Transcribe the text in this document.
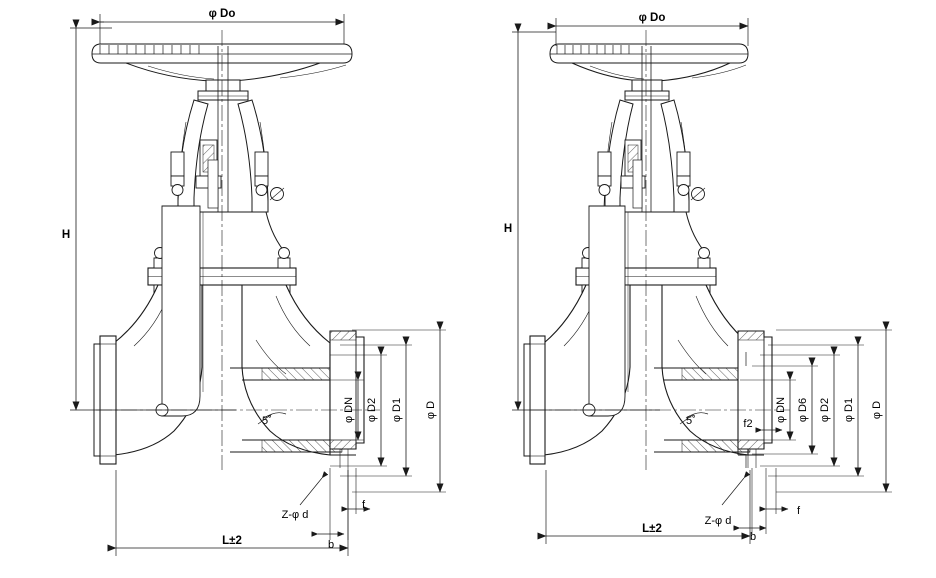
φ Do
H
L±2
φ DN φ D2 φ D1 φ D
5˚
Z-φ d
b
f
φ Do
H
L±2
f2
φ DN φ D6 φ D2 φ D1 φ D
5˚
Z-φ d
b
f
